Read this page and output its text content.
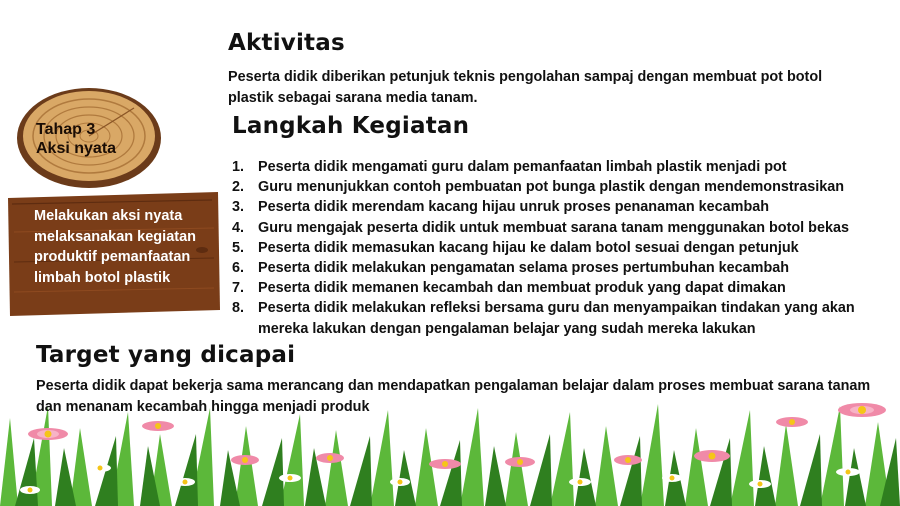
Tahap 3
Aksi nyata
Melakukan aksi nyata melaksanakan kegiatan produktif pemanfaatan limbah botol plastik
Aktivitas
Peserta didik diberikan petunjuk teknis pengolahan sampaj dengan membuat pot botol plastik sebagai sarana media tanam.
Langkah Kegiatan
1. Peserta didik mengamati guru dalam pemanfaatan limbah plastik menjadi pot
2. Guru menunjukkan contoh pembuatan pot bunga plastik dengan mendemonstrasikan
3. Peserta didik merendam kacang hijau unruk proses penanaman kecambah
4. Guru mengajak peserta didik untuk membuat sarana tanam menggunakan botol bekas
5. Peserta didik memasukan kacang hijau ke dalam botol sesuai dengan petunjuk
6. Peserta didik melakukan pengamatan selama proses pertumbuhan kecambah
7. Peserta didik memanen kecambah dan membuat produk yang dapat dimakan
8. Peserta didik melakukan refleksi bersama guru dan menyampaikan tindakan yang akan mereka lakukan dengan pengalaman belajar yang sudah mereka lakukan
Target yang dicapai
Peserta didik dapat bekerja sama merancang dan mendapatkan pengalaman belajar dalam proses membuat sarana tanam dan menanam kecambah hingga menjadi produk
